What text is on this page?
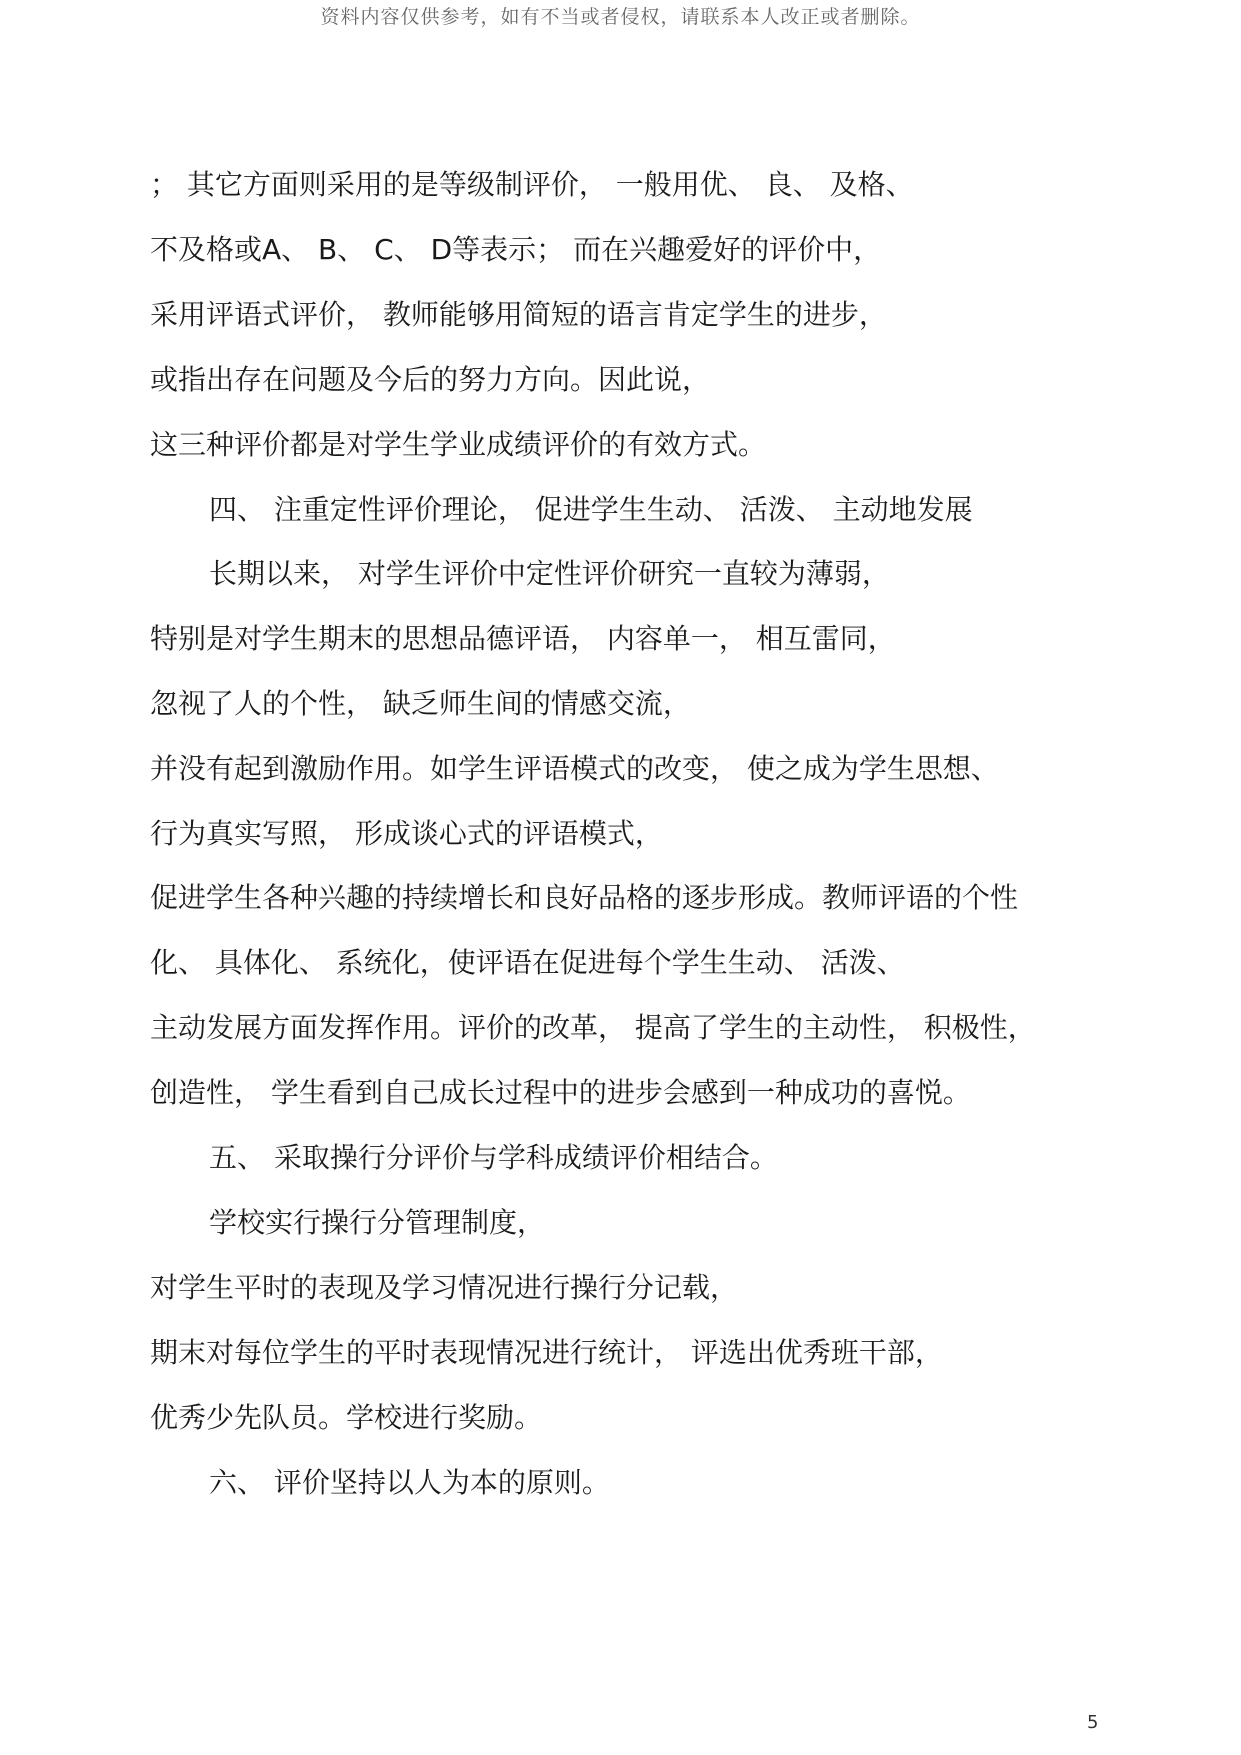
资料内容仅供参考，如有不当或者侵权，请联系本人改正或者删除。
； 其它方面则采用的是等级制评价， 一般用优、 良、 及格、
不及格或A、 B、 C、 D等表示； 而在兴趣爱好的评价中，
采用评语式评价， 教师能够用简短的语言肯定学生的进步，
或指出存在问题及今后的努力方向。因此说，
这三种评价都是对学生学业成绩评价的有效方式。
四、 注重定性评价理论， 促进学生生动、 活泼、 主动地发展
长期以来， 对学生评价中定性评价研究一直较为薄弱，
特别是对学生期末的思想品德评语， 内容单一， 相互雷同，
忽视了人的个性， 缺乏师生间的情感交流，
并没有起到激励作用。如学生评语模式的改变， 使之成为学生思想、
行为真实写照， 形成谈心式的评语模式，
促进学生各种兴趣的持续增长和良好品格的逐步形成。教师评语的个性
化、 具体化、 系统化，使评语在促进每个学生生动、 活泼、
主动发展方面发挥作用。评价的改革， 提高了学生的主动性， 积极性，
创造性， 学生看到自己成长过程中的进步会感到一种成功的喜悦。
五、 采取操行分评价与学科成绩评价相结合。
学校实行操行分管理制度，
对学生平时的表现及学习情况进行操行分记载，
期末对每位学生的平时表现情况进行统计， 评选出优秀班干部，
优秀少先队员。学校进行奖励。
六、 评价坚持以人为本的原则。
5
